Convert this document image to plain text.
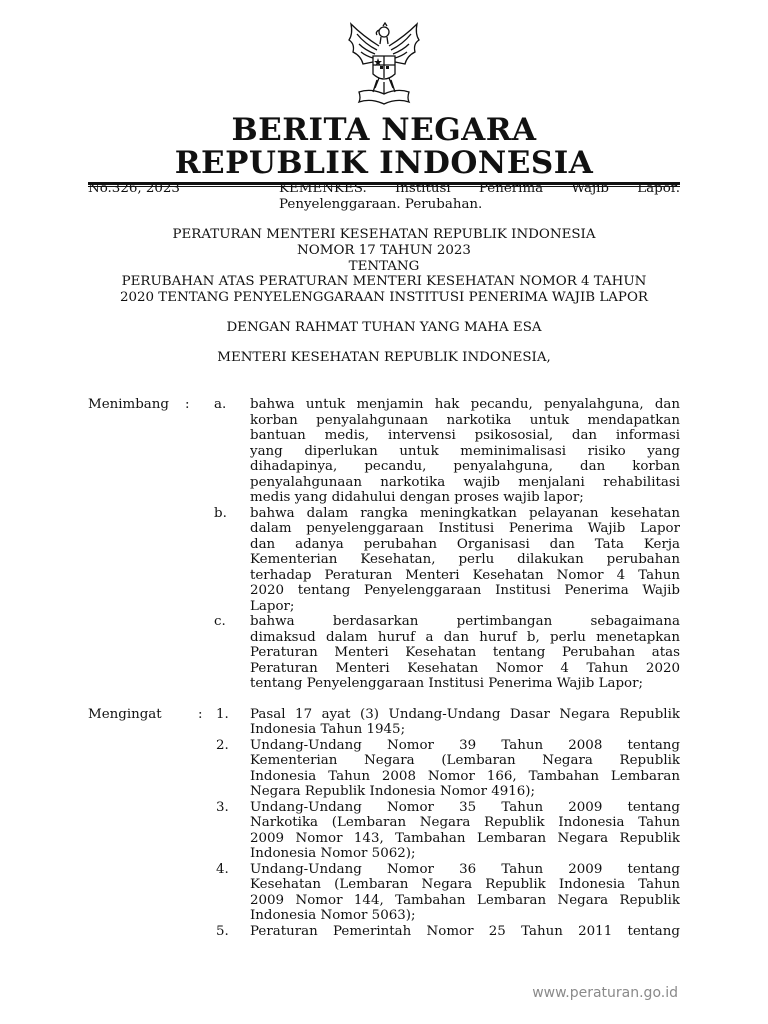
BERITA NEGARA
REPUBLIK INDONESIA
No.326, 2023	KEMENKES. Institusi Penerima Wajib Lapor.
Penyelenggaraan. Perubahan.
PERATURAN MENTERI KESEHATAN REPUBLIK INDONESIA
NOMOR 17 TAHUN 2023
TENTANG
PERUBAHAN ATAS PERATURAN MENTERI KESEHATAN NOMOR 4 TAHUN
2020 TENTANG PENYELENGGARAAN INSTITUSI PENERIMA WAJIB LAPOR
DENGAN RAHMAT TUHAN YANG MAHA ESA
MENTERI KESEHATAN REPUBLIK INDONESIA,
Menimbang : a. bahwa untuk menjamin hak pecandu, penyalahguna, dan
korban penyalahgunaan narkotika untuk mendapatkan
bantuan medis, intervensi psikososial, dan informasi
yang diperlukan untuk meminimalisasi risiko yang
dihadapinya, pecandu, penyalahguna, dan korban
penyalahgunaan narkotika wajib menjalani rehabilitasi
medis yang didahului dengan proses wajib lapor;
b. bahwa dalam rangka meningkatkan pelayanan kesehatan
dalam penyelenggaraan Institusi Penerima Wajib Lapor
dan adanya perubahan Organisasi dan Tata Kerja
Kementerian Kesehatan, perlu dilakukan perubahan
terhadap Peraturan Menteri Kesehatan Nomor 4 Tahun
2020 tentang Penyelenggaraan Institusi Penerima Wajib
Lapor;
c. bahwa berdasarkan pertimbangan sebagaimana
dimaksud dalam huruf a dan huruf b, perlu menetapkan
Peraturan Menteri Kesehatan tentang Perubahan atas
Peraturan Menteri Kesehatan Nomor 4 Tahun 2020
tentang Penyelenggaraan Institusi Penerima Wajib Lapor;
Mengingat	: 1. Pasal 17 ayat (3) Undang-Undang Dasar Negara Republik
Indonesia Tahun 1945;
2. Undang-Undang Nomor 39 Tahun 2008 tentang
Kementerian Negara (Lembaran Negara Republik
Indonesia Tahun 2008 Nomor 166, Tambahan Lembaran
Negara Republik Indonesia Nomor 4916);
3. Undang-Undang Nomor 35 Tahun 2009 tentang
Narkotika (Lembaran Negara Republik Indonesia Tahun
2009 Nomor 143, Tambahan Lembaran Negara Republik
Indonesia Nomor 5062);
4. Undang-Undang Nomor 36 Tahun 2009 tentang
Kesehatan (Lembaran Negara Republik Indonesia Tahun
2009 Nomor 144, Tambahan Lembaran Negara Republik
Indonesia Nomor 5063);
5. Peraturan Pemerintah Nomor 25 Tahun 2011 tentang
www.peraturan.go.id
